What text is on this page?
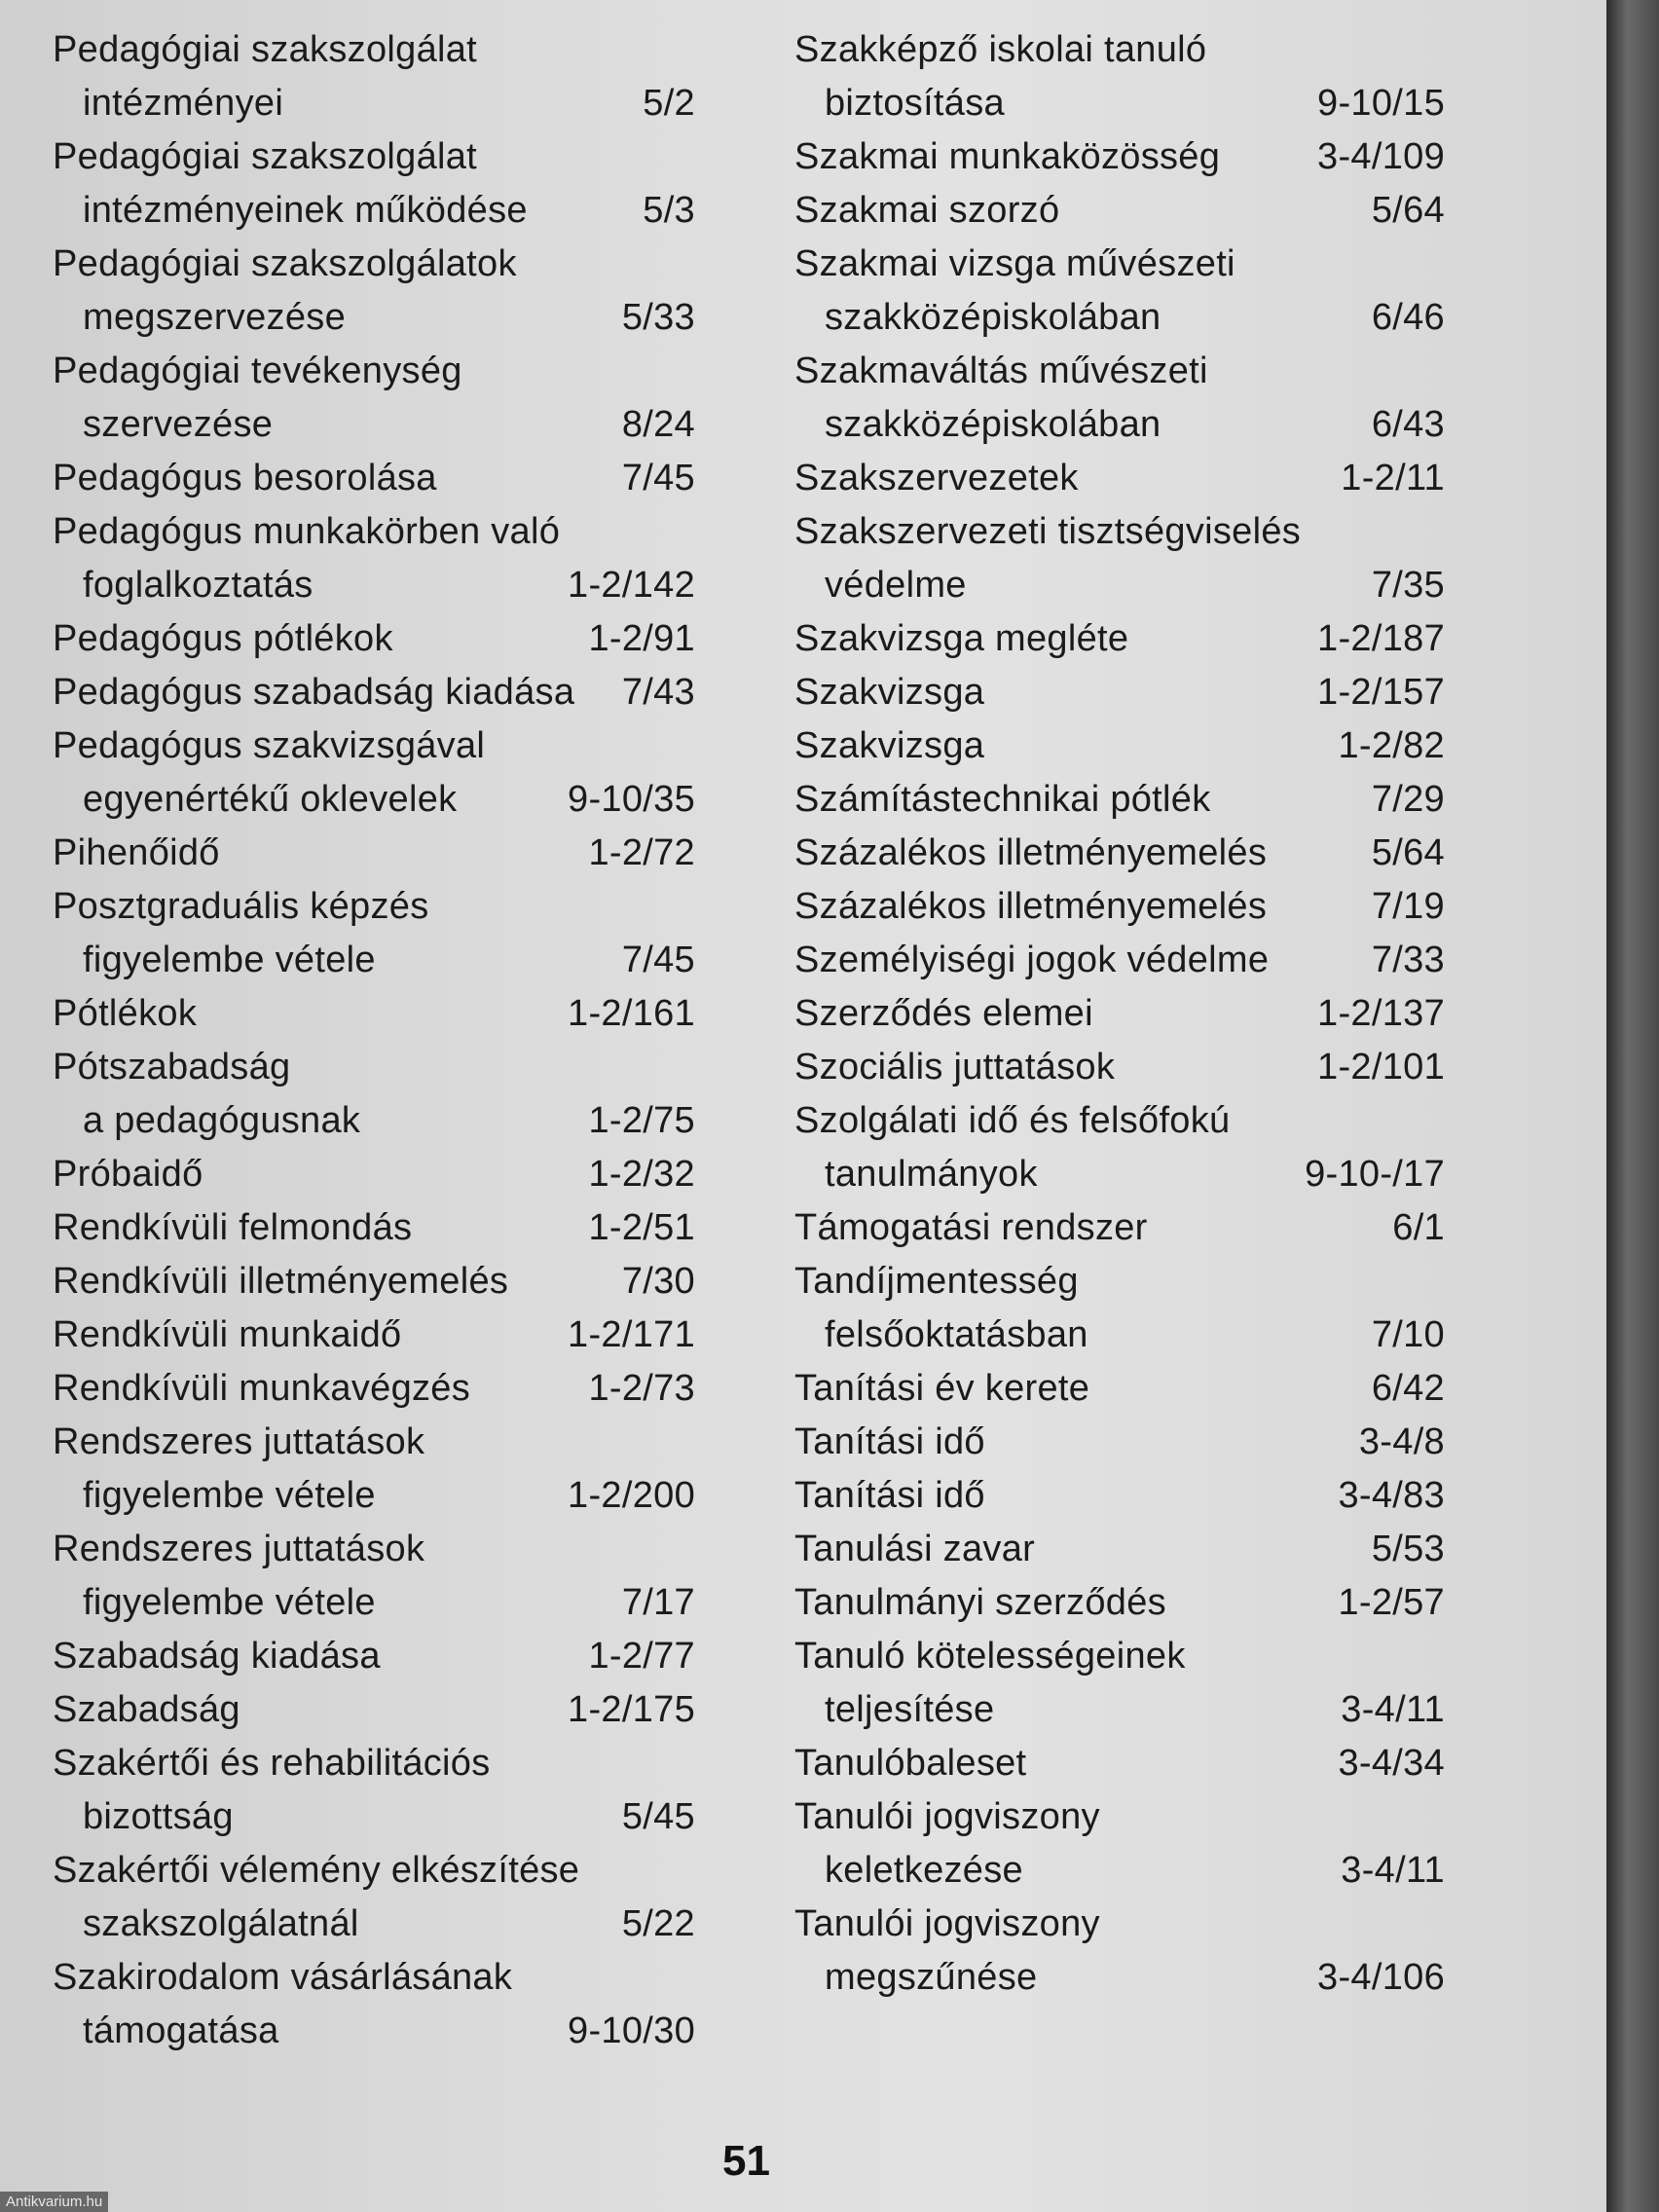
Pedagógiai szakszolgálat
intézményei	5/2
Pedagógiai szakszolgálat
intézményeinek működése	5/3
Pedagógiai szakszolgálatok
megszervezése	5/33
Pedagógiai tevékenység
szervezése	8/24
Pedagógus besorolása	7/45
Pedagógus munkakörben való
foglalkoztatás	1-2/142
Pedagógus pótlékok	1-2/91
Pedagógus szabadság kiadása 7/43
Pedagógus szakvizsgával
egyenértékű oklevelek	9-10/35
Pihenőidő	1-2/72
Posztgraduális képzés
figyelembe vétele	7/45
Pótlékok	1-2/161
Pótszabadság
a pedagógusnak	1-2/75
Próbaidő	1-2/32
Rendkívüli felmondás	1-2/51
Rendkívüli illetményemelés	7/30
Rendkívüli munkaidő	1-2/171
Rendkívüli munkavégzés	1-2/73
Rendszeres juttatások
figyelembe vétele	1-2/200
Rendszeres juttatások
figyelembe vétele	7/17
Szabadság kiadása	1-2/77
Szabadság	1-2/175
Szakértői és rehabilitációs
bizottság	5/45
Szakértői vélemény elkészítése
szakszolgálatnál	5/22
Szakirodalom vásárlásának
támogatása	9-10/30
Szakképző iskolai tanuló
biztosítása	9-10/15
Szakmai munkaközösség	3-4/109
Szakmai szorzó	5/64
Szakmai vizsga művészeti
szakközépiskolában	6/46
Szakmaváltás művészeti
szakközépiskolában	6/43
Szakszervezetek	1-2/11
Szakszervezeti tisztségviselés
védelme	7/35
Szakvizsga megléte	1-2/187
Szakvizsga	1-2/157
Szakvizsga	1-2/82
Számítástechnikai pótlék	7/29
Százalékos illetményemelés	5/64
Százalékos illetményemelés	7/19
Személyiségi jogok védelme	7/33
Szerződés elemei	1-2/137
Szociális juttatások	1-2/101
Szolgálati idő és felsőfokú
tanulmányok	9-10-/17
Támogatási rendszer	6/1
Tandíjmentesség
felsőoktatásban	7/10
Tanítási év kerete	6/42
Tanítási idő	3-4/8
Tanítási idő	3-4/83
Tanulási zavar	5/53
Tanulmányi szerződés	1-2/57
Tanuló kötelességeinek
teljesítése	3-4/11
Tanulóbaleset	3-4/34
Tanulói jogviszony
keletkezése	3-4/11
Tanulói jogviszony
megszűnése	3-4/106
51
Antikvarium.hu
